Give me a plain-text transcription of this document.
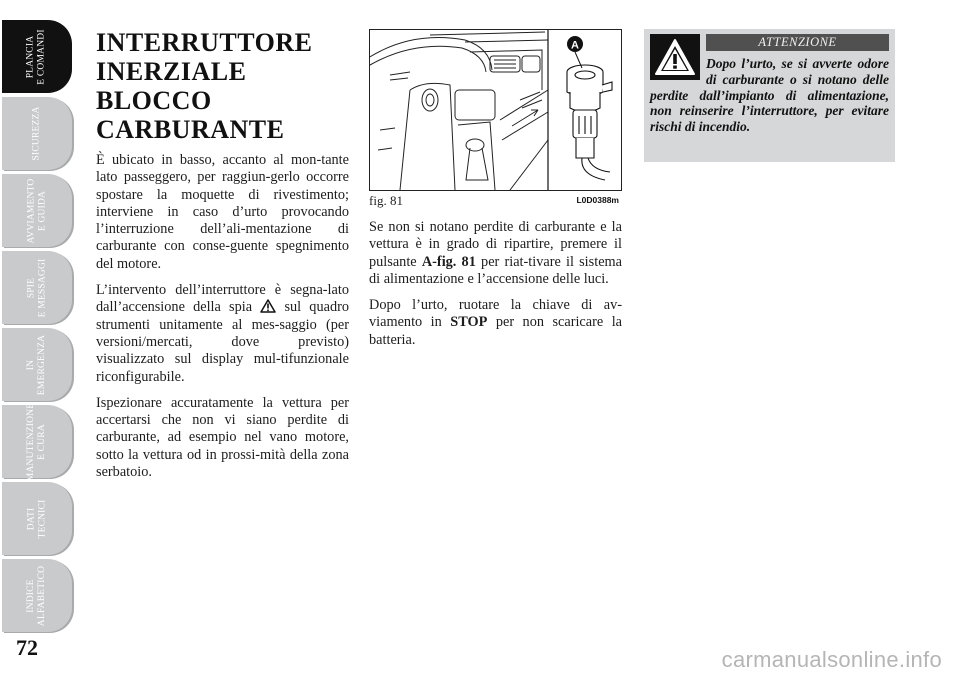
PLANCIA
E COMANDI
SICUREZZA
AVVIAMENTO
E GUIDA
SPIE
E MESSAGGI
IN
EMERGENZA
MANUTENZIONE
E CURA
DATI
TECNICI
INDICE
ALFABETICO
72
INTERRUTTORE INERZIALE BLOCCO CARBURANTE

È ubicato in basso, accanto al mon-tante lato passeggero, per raggiun-gerlo occorre spostare la moquette di rivestimento; interviene in caso d’urto provocando l’interruzione dell’ali-mentazione di carburante con conse-guente spegnimento del motore.

L’intervento dell’interruttore è segna-lato dall’accensione della spia sul quadro strumenti unitamente al mes-saggio (per versioni/mercati, dove previsto) visualizzato sul display mul-tifunzionale riconfigurabile.

Ispezionare accuratamente la vettura per accertarsi che non vi siano perdite di carburante, ad esempio nel vano motore, sotto la vettura od in prossi-mità della zona serbatoio.

A
fig. 81	L0D0388m

Se non si notano perdite di carburante e la vettura è in grado di ripartire, premere il pulsante A-fig. 81 per riat-tivare il sistema di alimentazione e l’accensione delle luci.

Dopo l’urto, ruotare la chiave di av-viamento in STOP per non scaricare la batteria.

ATTENZIONE

Dopo l’urto, se si avverte odore di carburante o si notano delle perdite dall’impianto di alimentazione, non reinserire l’interruttore, per evitare rischi di incendio.

carmanualsonline.info
